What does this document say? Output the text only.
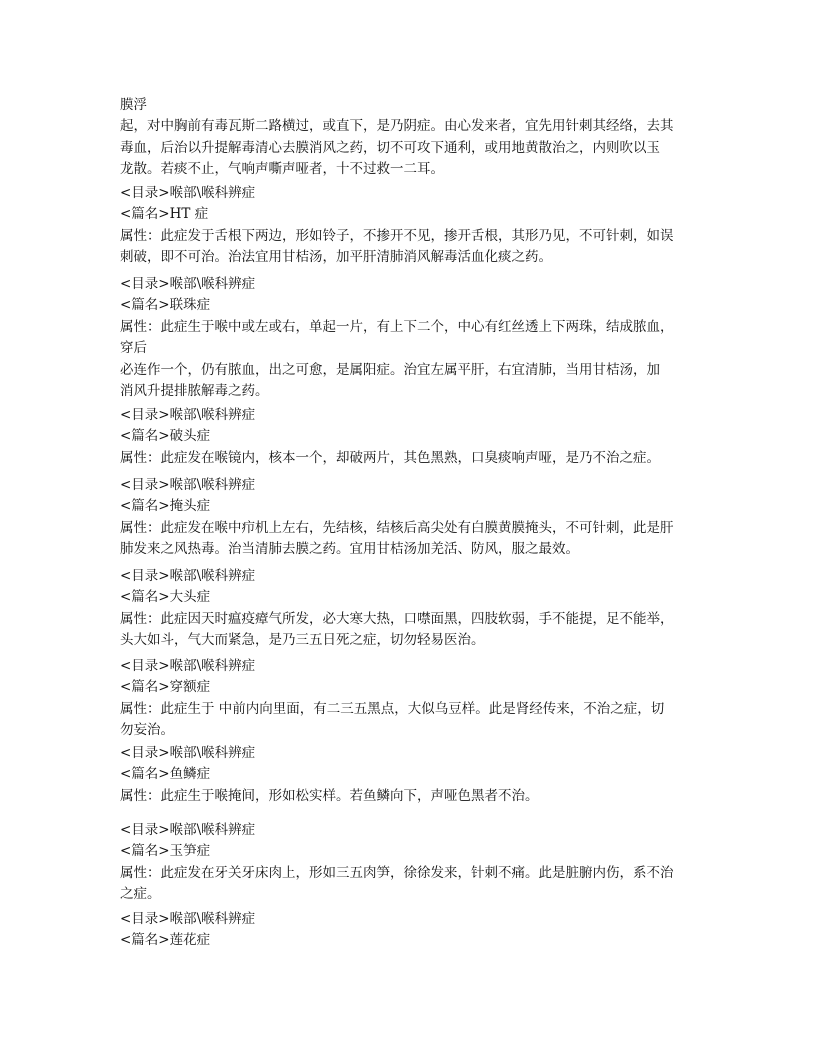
膜浮
起，对中胸前有毒瓦斯二路横过，或直下，是乃阴症。由心发来者，宜先用针刺其经络，去其
毒血，后治以升提解毒清心去膜消风之药，切不可攻下通利，或用地黄散治之，内则吹以玉
龙散。若痰不止，气响声嘶声哑者，十不过救一二耳。
<目录>喉部\喉科辨症
<篇名>HT 症
属性：此症发于舌根下两边，形如铃子，不掺开不见，掺开舌根，其形乃见，不可针刺，如误
刺破，即不可治。治法宜用甘桔汤，加平肝清肺消风解毒活血化痰之药。
<目录>喉部\喉科辨症
<篇名>联珠症
属性：此症生于喉中或左或右，单起一片，有上下二个，中心有红丝透上下两珠，结成脓血，
穿后
必连作一个，仍有脓血，出之可愈，是属阳症。治宜左属平肝，右宜清肺，当用甘桔汤，加
消风升提排脓解毒之药。
<目录>喉部\喉科辨症
<篇名>破头症
属性：此症发在喉镜内，核本一个，却破两片，其色黑熟，口臭痰响声哑，是乃不治之症。
<目录>喉部\喉科辨症
<篇名>掩头症
属性：此症发在喉中疖机上左右，先结核，结核后高尖处有白膜黄膜掩头，不可针刺，此是肝
肺发来之风热毒。治当清肺去膜之药。宜用甘桔汤加羌活、防风，服之最效。
<目录>喉部\喉科辨症
<篇名>大头症
属性：此症因天时瘟疫瘴气所发，必大寒大热，口噤面黑，四肢软弱，手不能提，足不能举，
头大如斗，气大而紧急，是乃三五日死之症，切勿轻易医治。
<目录>喉部\喉科辨症
<篇名>穿额症
属性：此症生于 中前内向里面，有二三五黑点，大似乌豆样。此是肾经传来，不治之症，切
勿妄治。
<目录>喉部\喉科辨症
<篇名>鱼鳞症
属性：此症生于喉掩间，形如松实样。若鱼鳞向下，声哑色黑者不治。
<目录>喉部\喉科辨症
<篇名>玉笋症
属性：此症发在牙关牙床肉上，形如三五肉笋，徐徐发来，针刺不痛。此是脏腑内伤，系不治
之症。
<目录>喉部\喉科辨症
<篇名>莲花症
